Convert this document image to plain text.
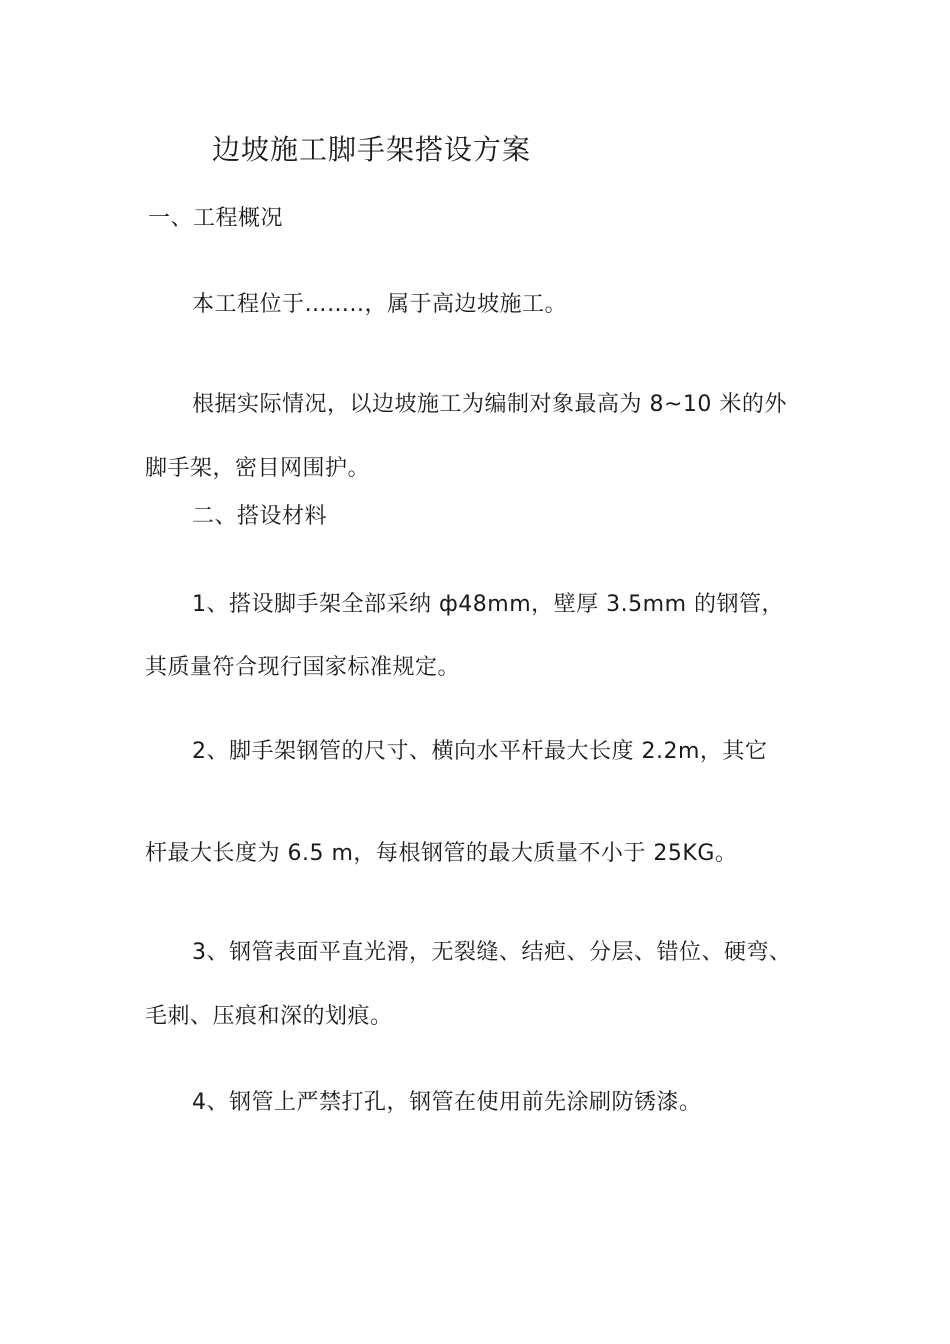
边坡施工脚手架搭设方案
一、工程概况
本工程位于……..，属于高边坡施工。
根据实际情况，以边坡施工为编制对象最高为 8~10 米的外
脚手架，密目网围护。
二、搭设材料
1、搭设脚手架全部采纳 ф48mm，壁厚 3.5mm 的钢管，
其质量符合现行国家标准规定。
2、脚手架钢管的尺寸、横向水平杆最大长度 2.2m，其它
杆最大长度为 6.5 m，每根钢管的最大质量不小于 25KG。
3、钢管表面平直光滑，无裂缝、结疤、分层、错位、硬弯、
毛刺、压痕和深的划痕。
4、钢管上严禁打孔，钢管在使用前先涂刷防锈漆。
